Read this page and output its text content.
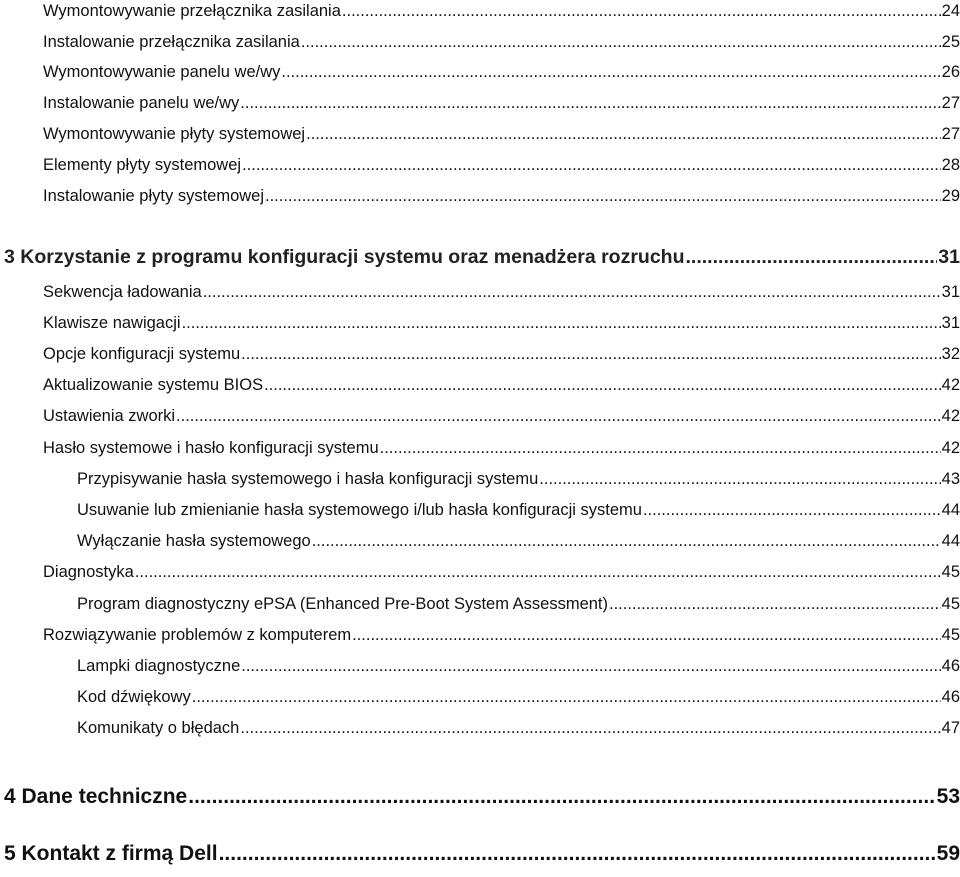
Wymontowywanie przełącznika zasilania .....	24
Instalowanie przełącznika zasilania .....	25
Wymontowywanie panelu we/wy .....	26
Instalowanie panelu we/wy .....	27
Wymontowywanie płyty systemowej .....	27
Elementy płyty systemowej .....	28
Instalowanie płyty systemowej .....	29
3 Korzystanie z programu konfiguracji systemu oraz menadżera rozruchu .....	31
Sekwencja ładowania .....	31
Klawisze nawigacji .....	31
Opcje konfiguracji systemu .....	32
Aktualizowanie systemu BIOS .....	42
Ustawienia zworki .....	42
Hasło systemowe i hasło konfiguracji systemu .....	42
Przypisywanie hasła systemowego i hasła konfiguracji systemu .....	43
Usuwanie lub zmienianie hasła systemowego i/lub hasła konfiguracji systemu .....	44
Wyłączanie hasła systemowego .....	44
Diagnostyka .....	45
Program diagnostyczny ePSA (Enhanced Pre-Boot System Assessment) .....	45
Rozwiązywanie problemów z komputerem .....	45
Lampki diagnostyczne .....	46
Kod dźwiękowy .....	46
Komunikaty o błędach .....	47
4 Dane techniczne .....	53
5 Kontakt z firmą Dell .....	59
